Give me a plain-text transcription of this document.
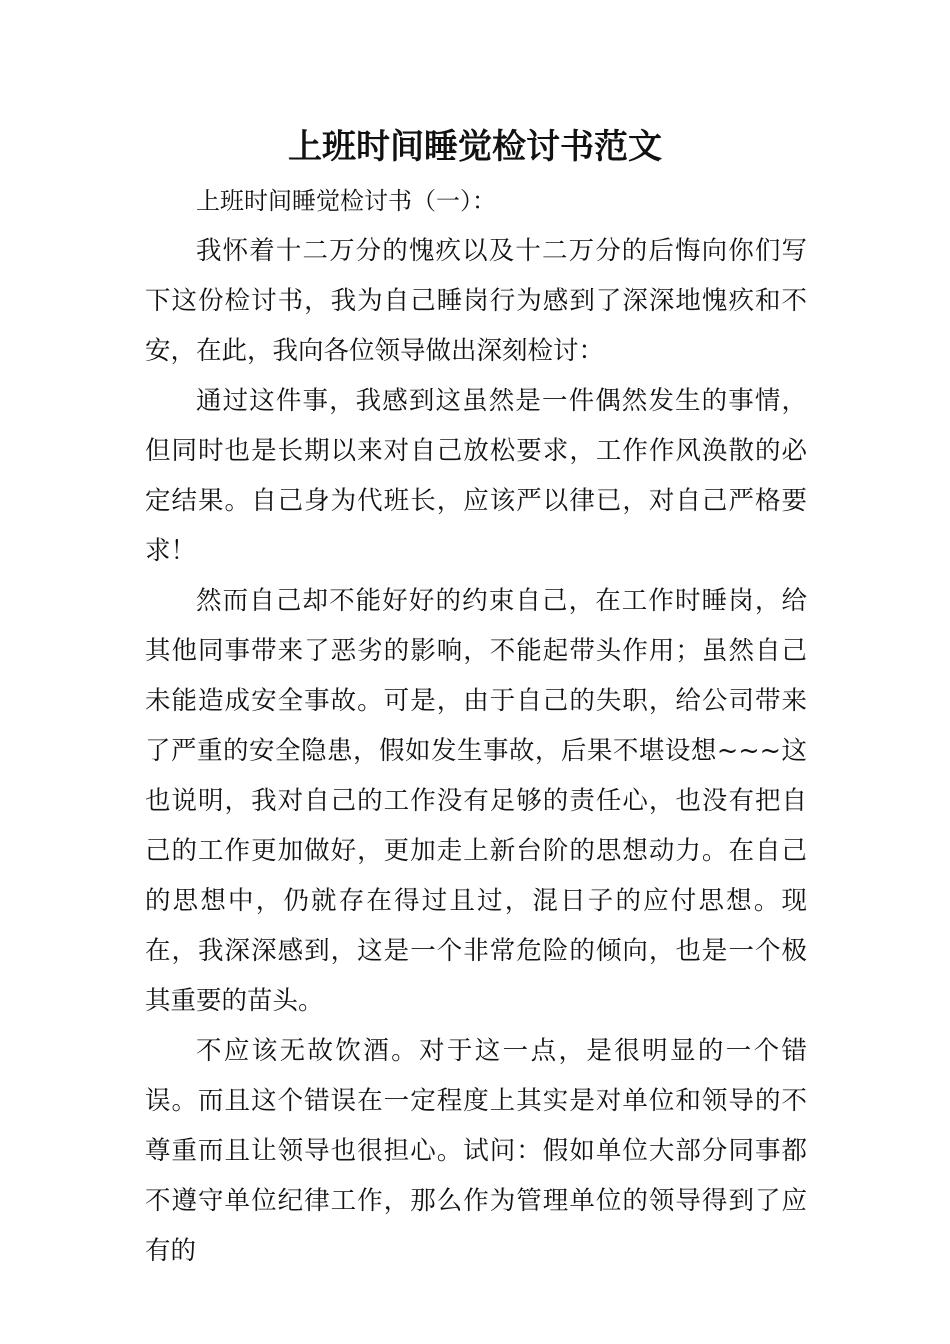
上班时间睡觉检讨书范文

上班时间睡觉检讨书（一）：

我怀着十二万分的愧疚以及十二万分的后悔向你们写下这份检讨书，我为自己睡岗行为感到了深深地愧疚和不安，在此，我向各位领导做出深刻检讨：

通过这件事，我感到这虽然是一件偶然发生的事情，但同时也是长期以来对自己放松要求，工作作风涣散的必定结果。自己身为代班长，应该严以律已，对自己严格要求！

然而自己却不能好好的约束自己，在工作时睡岗，给其他同事带来了恶劣的影响，不能起带头作用；虽然自己未能造成安全事故。可是，由于自己的失职，给公司带来了严重的安全隐患，假如发生事故，后果不堪设想~~~这也说明，我对自己的工作没有足够的责任心，也没有把自己的工作更加做好，更加走上新台阶的思想动力。在自己的思想中，仍就存在得过且过，混日子的应付思想。现在，我深深感到，这是一个非常危险的倾向，也是一个极其重要的苗头。

不应该无故饮酒。对于这一点，是很明显的一个错误。而且这个错误在一定程度上其实是对单位和领导的不尊重而且让领导也很担心。试问：假如单位大部分同事都不遵守单位纪律工作，那么作为管理单位的领导得到了应有的
